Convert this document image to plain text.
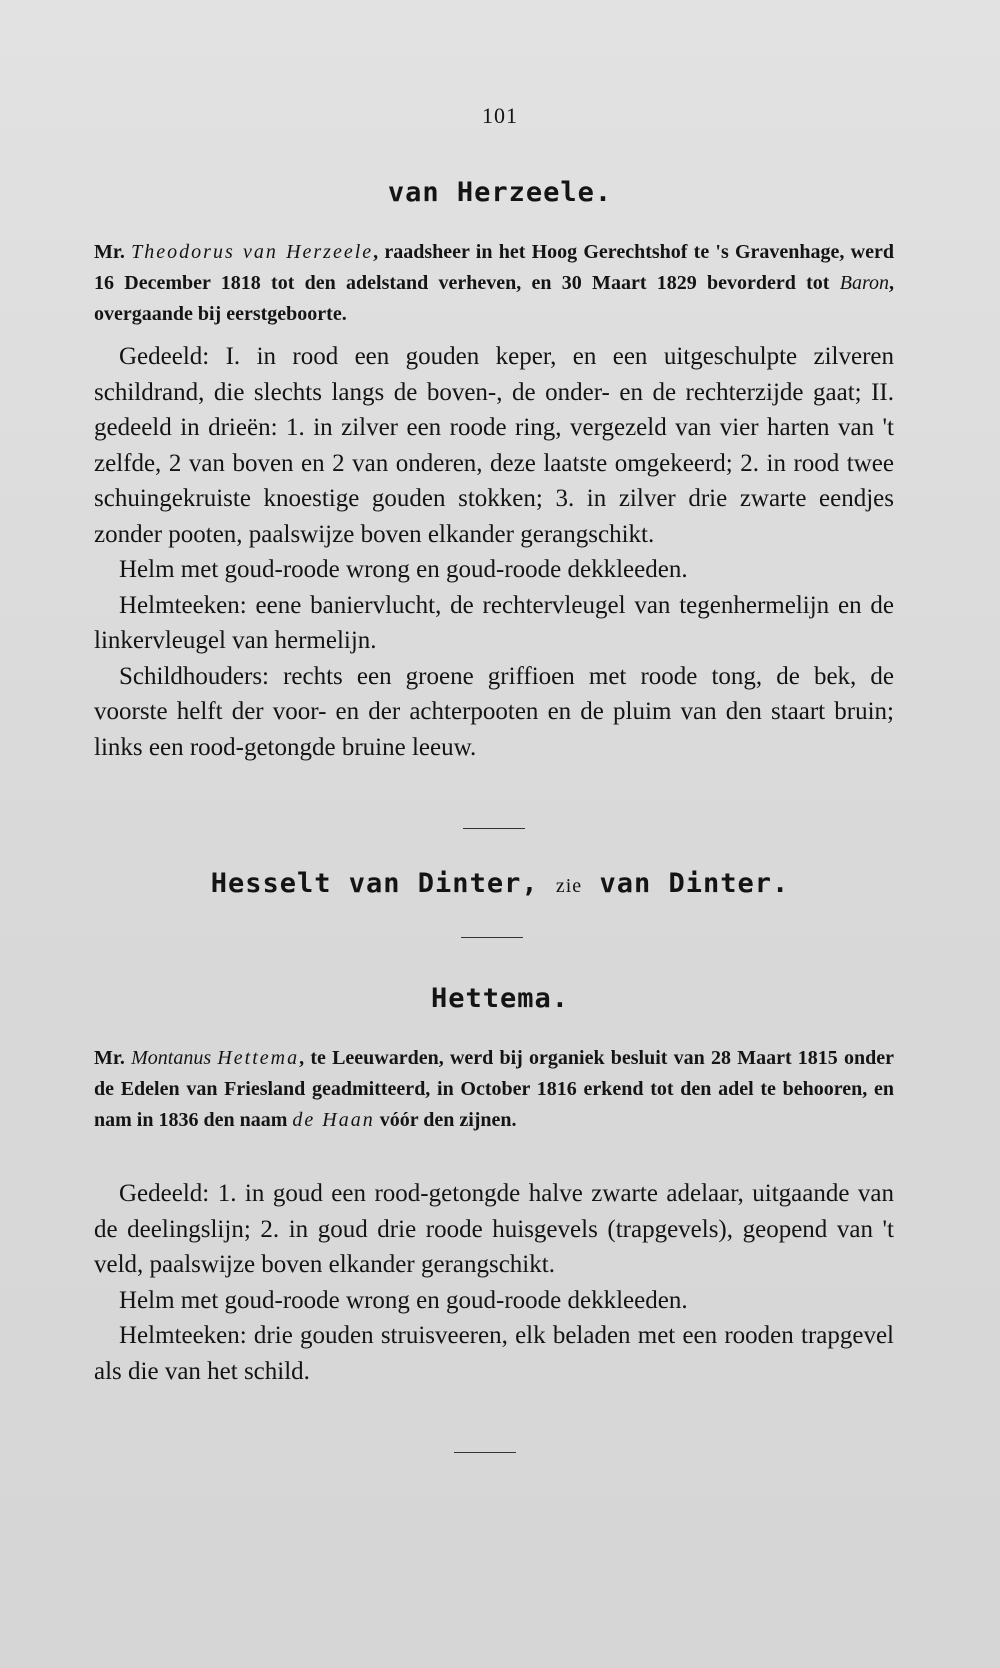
101
van Herzeele.
Mr. Theodorus van Herzeele, raadsheer in het Hoog Gerechtshof te 's Gravenhage, werd 16 December 1818 tot den adelstand verheven, en 30 Maart 1829 bevorderd tot Baron, overgaande bij eerstgeboorte.

Gedeeld: I. in rood een gouden keper, en een uitgeschulpte zilveren schildrand, die slechts langs de boven-, de onder- en de rechterzijde gaat; II. gedeeld in drieën: 1. in zilver een roode ring, vergezeld van vier harten van 't zelfde, 2 van boven en 2 van onderen, deze laatste omgekeerd; 2. in rood twee schuingekruiste knoestige gouden stokken; 3. in zilver drie zwarte eendjes zonder pooten, paalswijze boven elkander gerangschikt.

Helm met goud-roode wrong en goud-roode dekkleeden.

Helmteeken: eene baniervlucht, de rechtervleugel van tegenhermelijn en de linkervleugel van hermelijn.

Schildhouders: rechts een groene griffioen met roode tong, de bek, de voorste helft der voor- en der achterpooten en de pluim van den staart bruin; links een rood-getongde bruine leeuw.

Hesselt van Dinter, zie van Dinter.
Hettema.
Mr. Montanus Hettema, te Leeuwarden, werd bij organiek besluit van 28 Maart 1815 onder de Edelen van Friesland geadmitteerd, in October 1816 erkend tot den adel te behooren, en nam in 1836 den naam de Haan vóór den zijnen.

Gedeeld: 1. in goud een rood-getongde halve zwarte adelaar, uitgaande van de deelingslijn; 2. in goud drie roode huisgevels (trapgevels), geopend van 't veld, paalswijze boven elkander gerangschikt.

Helm met goud-roode wrong en goud-roode dekkleeden.

Helmteeken: drie gouden struisveeren, elk beladen met een rooden trapgevel als die van het schild.
